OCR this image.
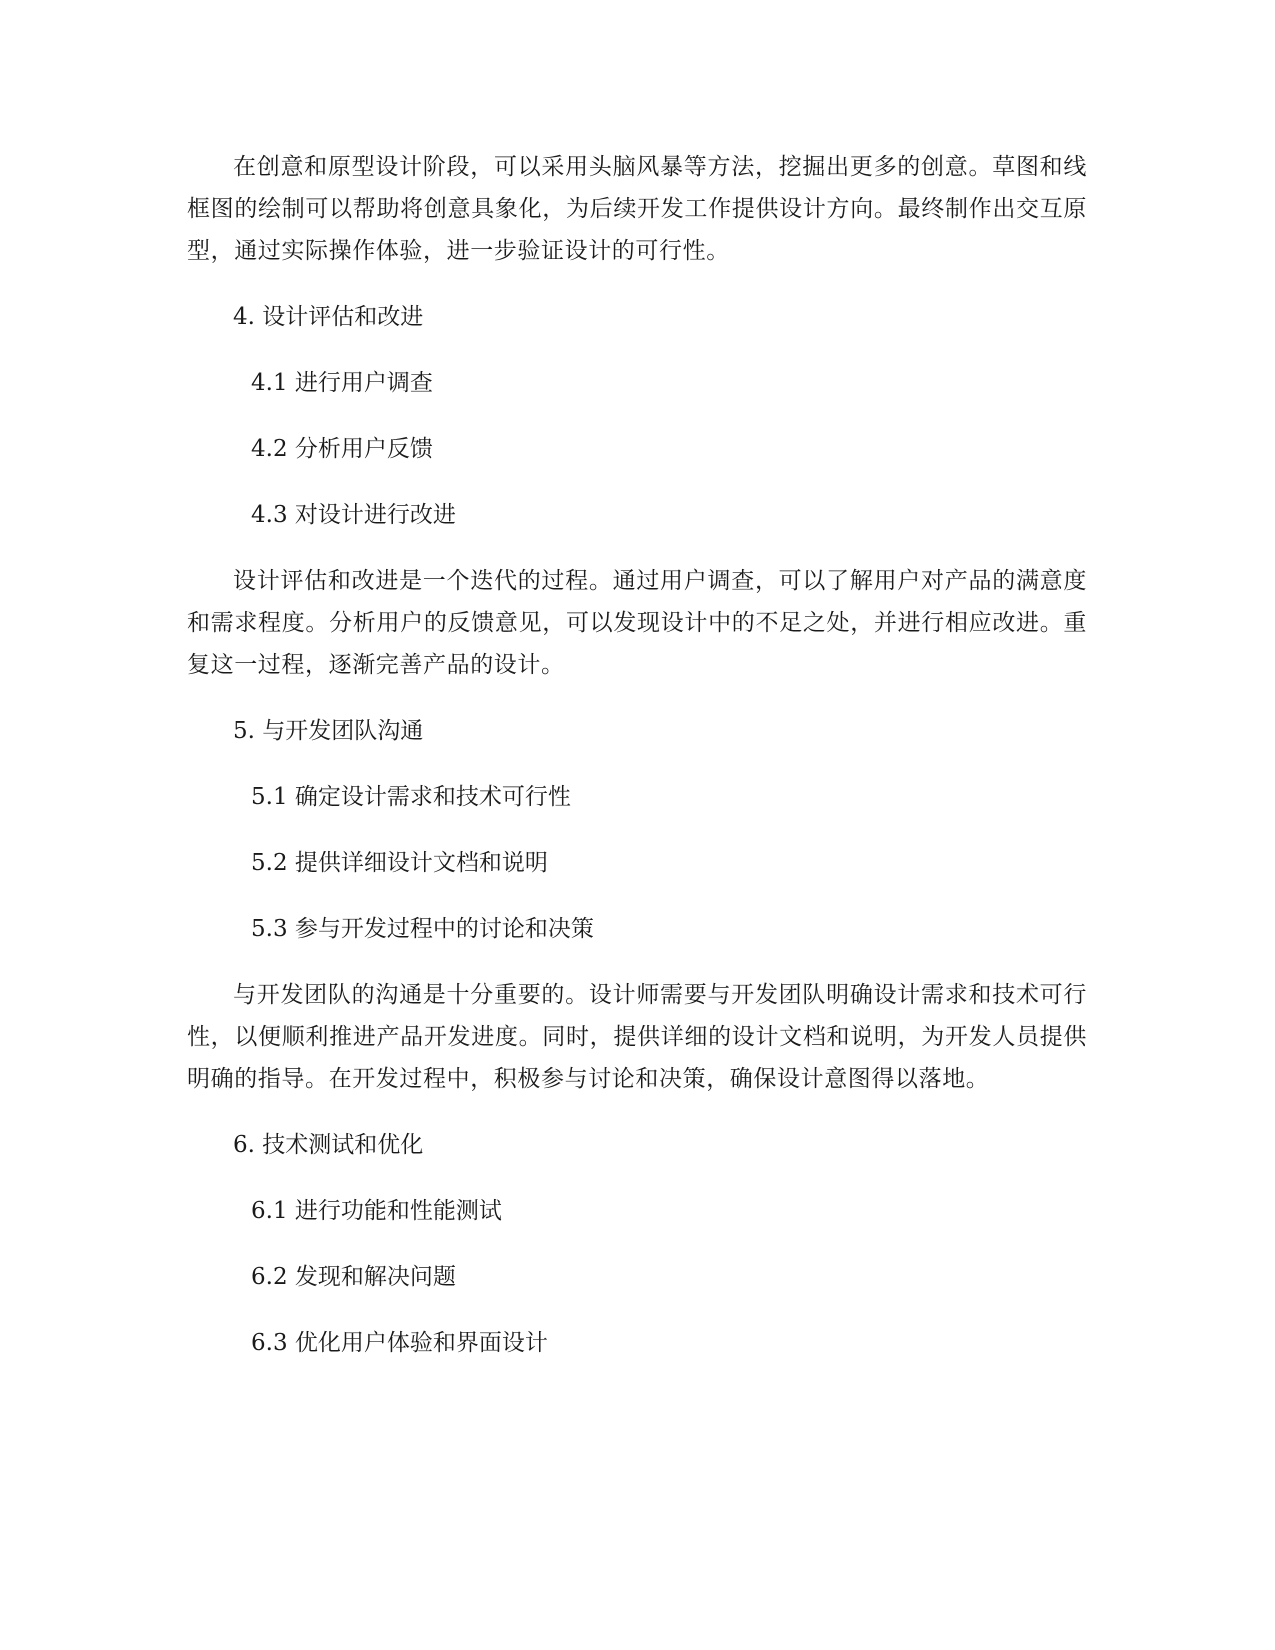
在创意和原型设计阶段，可以采用头脑风暴等方法，挖掘出更多的创意。草图和线框图的绘制可以帮助将创意具象化，为后续开发工作提供设计方向。最终制作出交互原型，通过实际操作体验，进一步验证设计的可行性。

4. 设计评估和改进
4.1 进行用户调查
4.2 分析用户反馈
4.3 对设计进行改进

设计评估和改进是一个迭代的过程。通过用户调查，可以了解用户对产品的满意度和需求程度。分析用户的反馈意见，可以发现设计中的不足之处，并进行相应改进。重复这一过程，逐渐完善产品的设计。

5. 与开发团队沟通
5.1 确定设计需求和技术可行性
5.2 提供详细设计文档和说明
5.3 参与开发过程中的讨论和决策

与开发团队的沟通是十分重要的。设计师需要与开发团队明确设计需求和技术可行性，以便顺利推进产品开发进度。同时，提供详细的设计文档和说明，为开发人员提供明确的指导。在开发过程中，积极参与讨论和决策，确保设计意图得以落地。

6. 技术测试和优化
6.1 进行功能和性能测试
6.2 发现和解决问题
6.3 优化用户体验和界面设计
